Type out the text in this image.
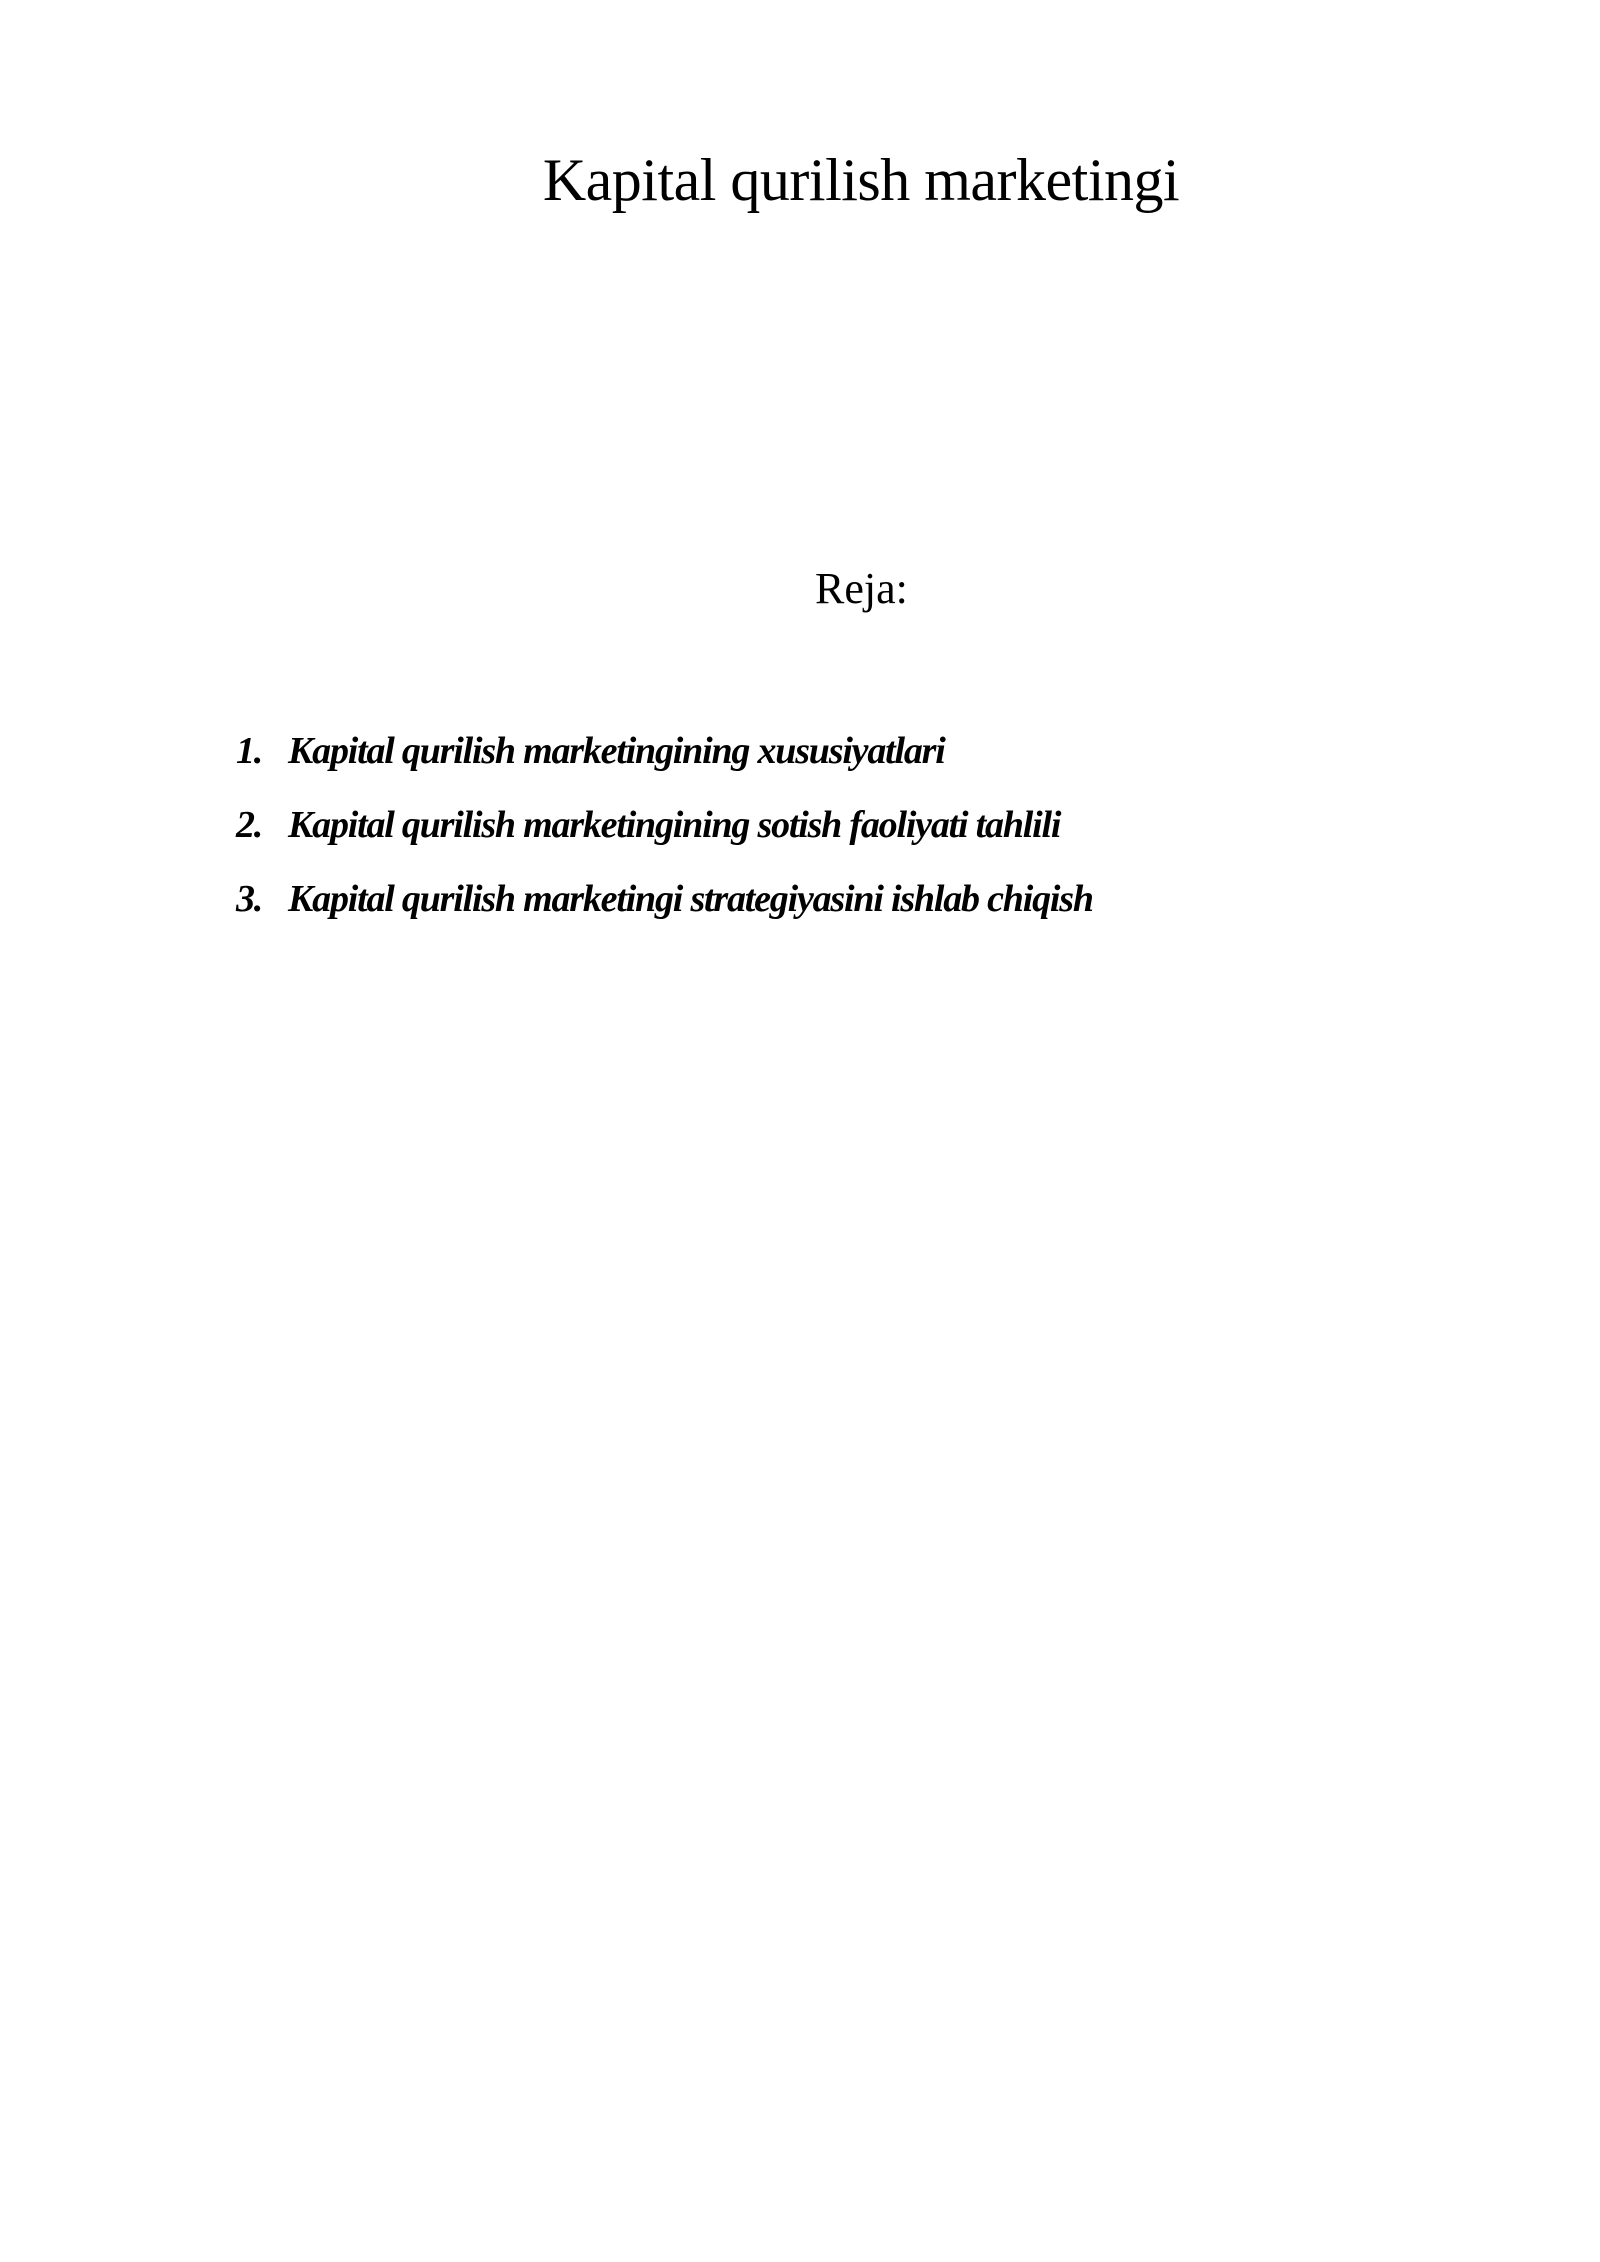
Kapital qurilish marketingi
Reja:
1. Kapital qurilish marketingining xususiyatlari
2. Kapital qurilish marketingining sotish faoliyati tahlili
3. Kapital qurilish marketingi strategiyasini ishlab chiqish
